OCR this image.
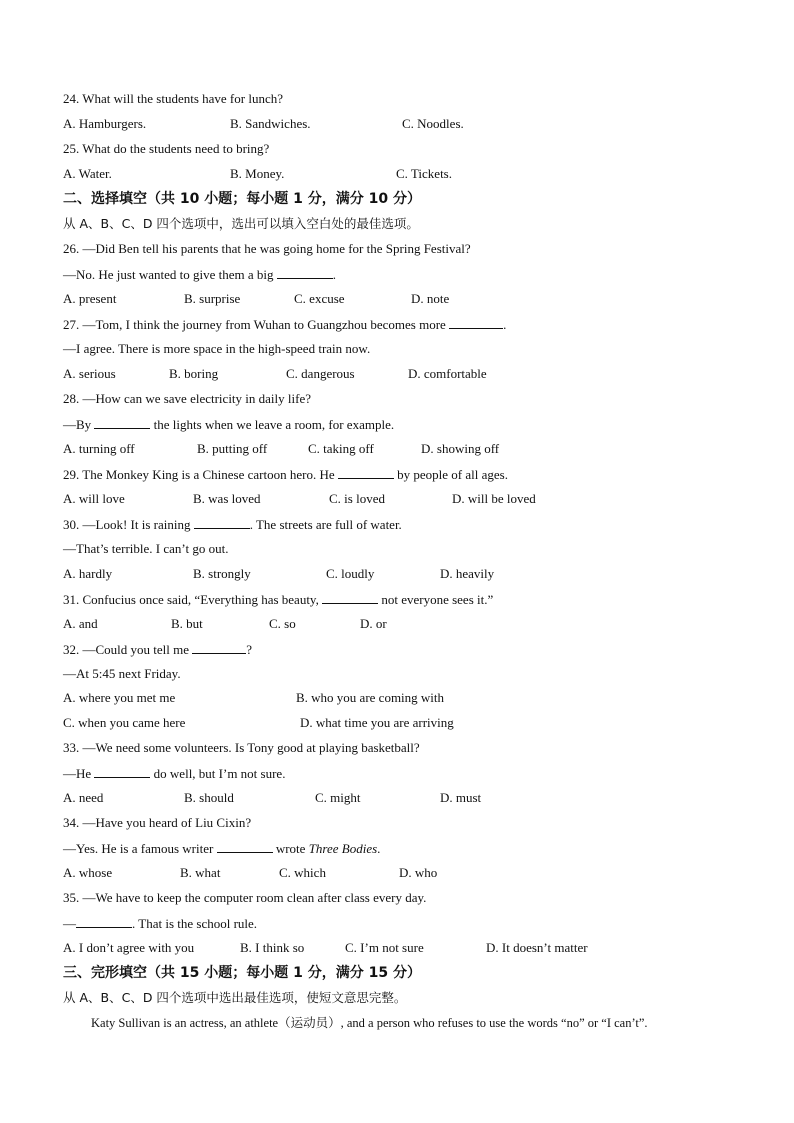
24. What will the students have for lunch?
A. Hamburgers.	B. Sandwiches.	C. Noodles.
25. What do the students need to bring?
A. Water.	B. Money.	C. Tickets.
二、选择填空（共 10 小题；每小题 1 分，满分 10 分）
从 A、B、C、D 四个选项中，选出可以填入空白处的最佳选项。
26. —Did Ben tell his parents that he was going home for the Spring Festival?
—No. He just wanted to give them a big	.
A. present	B. surprise	C. excuse	D. note
27. —Tom, I think the journey from Wuhan to Guangzhou becomes more	.
—I agree. There is more space in the high-speed train now.
A. serious	B. boring	C. dangerous	D. comfortable
28. —How can we save electricity in daily life?
—By	the lights when we leave a room, for example.
A. turning off	B. putting off	C. taking off	D. showing off
29. The Monkey King is a Chinese cartoon hero. He	by people of all ages.
A. will love	B. was loved	C. is loved	D. will be loved
30. —Look! It is raining	. The streets are full of water.
—That’s terrible. I can’t go out.
A. hardly	B. strongly	C. loudly	D. heavily
31. Confucius once said, “Everything has beauty,	not everyone sees it.”
A. and	B. but	C. so	D. or
32. —Could you tell me	?
—At 5:45 next Friday.
A. where you met me	B. who you are coming with
C. when you came here	D. what time you are arriving
33. —We need some volunteers. Is Tony good at playing basketball?
—He	do well, but I’m not sure.
A. need	B. should	C. might	D. must
34. —Have you heard of Liu Cixin?
—Yes. He is a famous writer	wrote Three Bodies.
A. whose	B. what	C. which	D. who
35. —We have to keep the computer room clean after class every day.
—	. That is the school rule.
A. I don’t agree with you	B. I think so	C. I’m not sure	D. It doesn’t matter
三、完形填空（共 15 小题；每小题 1 分，满分 15 分）
从 A、B、C、D 四个选项中选出最佳选项，使短文意思完整。
Katy Sullivan is an actress, an athlete（运动员）, and a person who refuses to use the words “no” or “I can’t”.
